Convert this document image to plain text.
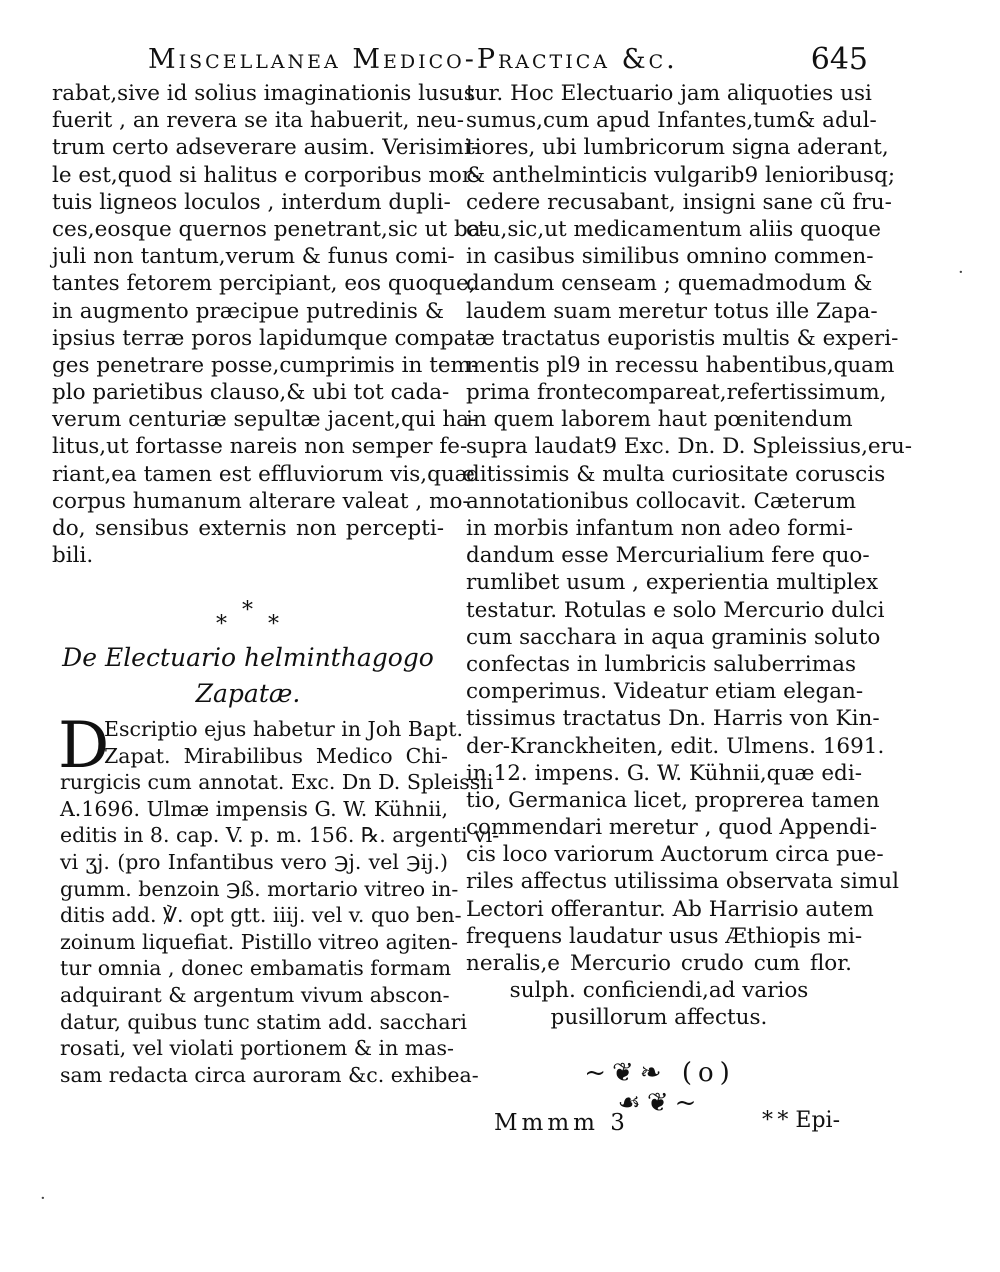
Miscellanea Medico-Practica &c.	645
rabat,sive id solius imaginationis lusus
fuerit , an revera se ita habuerit, neu-
trum certo adseverare ausim. Verisimi-
le est,quod si halitus e corporibus mor-
tuis ligneos loculos , interdum dupli-
ces,eosque quernos penetrant,sic ut ba-
juli non tantum,verum & funus comi-
tantes fetorem percipiant, eos quoque,
in augmento præcipue putredinis &
ipsius terræ poros lapidumque compa-
ges penetrare posse,cumprimis in tem-
plo parietibus clauso,& ubi tot cada-
verum centuriæ sepultæ jacent,qui ha-
litus,ut fortasse nareis non semper fe-
riant,ea tamen est effluviorum vis,quæ
corpus humanum alterare valeat , mo-
do, sensibus externis non percepti-
bili.
*
*
*
De Electuario helminthagogo
Zapatæ.
D
Escriptio ejus habetur in Joh Bapt.
Zapat. Mirabilibus Medico Chi-
rurgicis cum annotat. Exc. Dn D. Spleissii
A.1696. Ulmæ impensis G. W. Kühnii,
editis in 8. cap. V. p. m. 156. ℞. argenti vi-
vi ʒj. (pro Infantibus vero ℈j. vel ℈ij.)
gumm. benzoin ℈ß. mortario vitreo in-
ditis add. ℣. opt gtt. iiij. vel v. quo ben-
zoinum liquefiat. Pistillo vitreo agiten-
tur omnia , donec embamatis formam
adquirant & argentum vivum abscon-
datur, quibus tunc statim add. sacchari
rosati, vel violati portionem & in mas-
sam redacta circa auroram &c. exhibea-
tur. Hoc Electuario jam aliquoties usi
sumus,cum apud Infantes,tum& adul-
tiores, ubi lumbricorum signa aderant,
& anthelminticis vulgarib9 lenioribusq;
cedere recusabant, insigni sane cũ fru-
ctu,sic,ut medicamentum aliis quoque
in casibus similibus omnino commen-
dandum censeam ; quemadmodum &
laudem suam meretur totus ille Zapa-
tæ tractatus euporistis multis & experi-
mentis pl9 in recessu habentibus,quam
prima frontecompareat,refertissimum,
in quem laborem haut pœnitendum
supra laudat9 Exc. Dn. D. Spleissius,eru-
ditissimis & multa curiositate coruscis
annotationibus collocavit. Cæterum
in morbis infantum non adeo formi-
dandum esse Mercurialium fere quo-
rumlibet usum , experientia multiplex
testatur. Rotulas e solo Mercurio dulci
cum sacchara in aqua graminis soluto
confectas in lumbricis saluberrimas
comperimus. Videatur etiam elegan-
tissimus tractatus Dn. Harris von Kin-
der-Kranckheiten, edit. Ulmens. 1691.
in 12. impens. G. W. Kühnii,quæ edi-
tio, Germanica licet, proprerea tamen
commendari meretur , quod Appendi-
cis loco variorum Auctorum circa pue-
riles affectus utilissima observata simul
Lectori offerantur. Ab Harrisio autem
frequens laudatur usus Æthiopis mi-
neralis,e Mercurio crudo cum flor.
sulph. conficiendi,ad varios
pusillorum affectus.
~❦❧ (o) ☙❦~
Mmmm 3	* * Epi-
·
·
